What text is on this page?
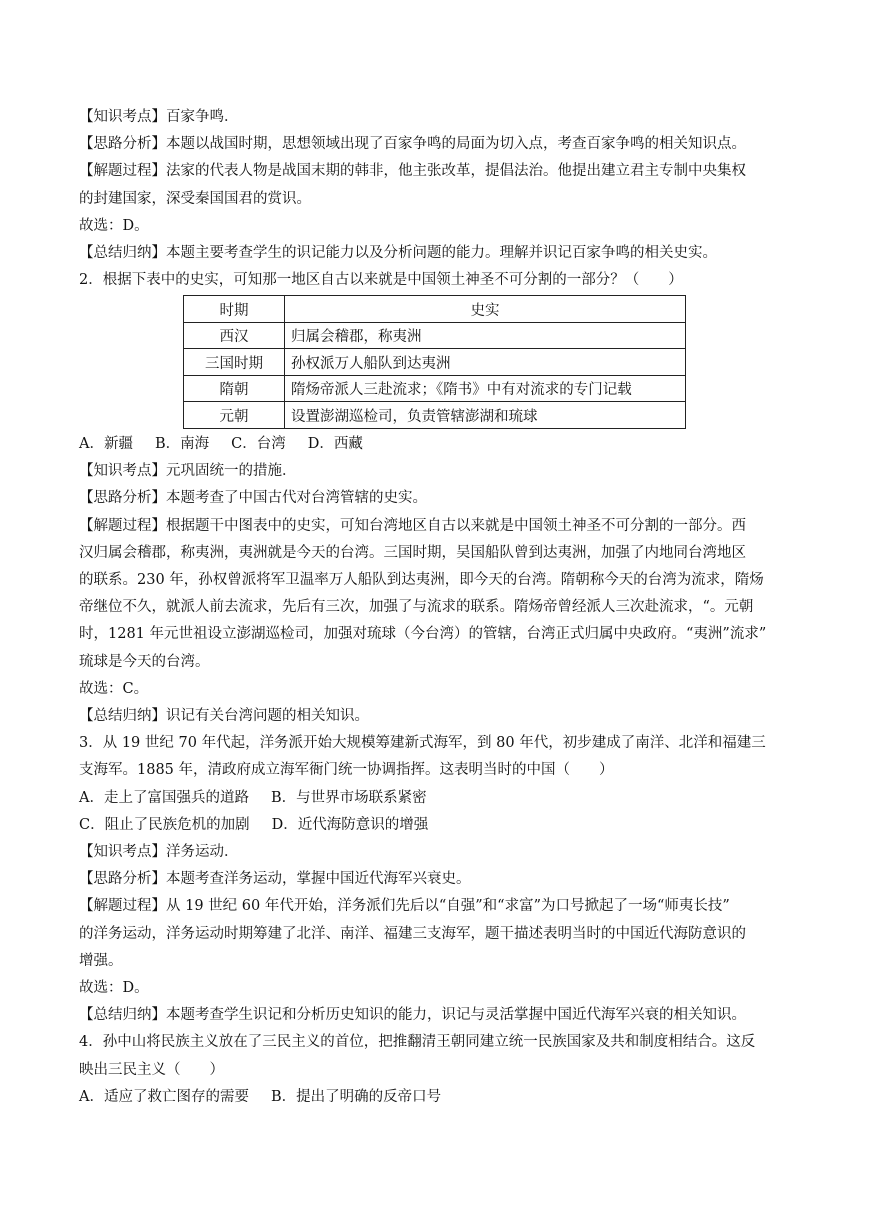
【知识考点】百家争鸣．

【思路分析】本题以战国时期，思想领域出现了百家争鸣的局面为切入点，考查百家争鸣的相关知识点。

【解题过程】法家的代表人物是战国末期的韩非，他主张改革，提倡法治。他提出建立君主专制中央集权

的封建国家，深受秦国国君的赏识。

故选：D。

【总结归纳】本题主要考查学生的识记能力以及分析问题的能力。理解并识记百家争鸣的相关史实。

2．根据下表中的史实，可知那一地区自古以来就是中国领土神圣不可分割的一部分？（　　）

时期	史实
西汉	归属会稽郡，称夷洲
三国时期	孙权派万人船队到达夷洲
隋朝	隋炀帝派人三赴流求；《隋书》中有对流求的专门记载
元朝	设置澎湖巡检司，负责管辖澎湖和琉球

A．新疆 B．南海 C．台湾 D．西藏

【知识考点】元巩固统一的措施．

【思路分析】本题考查了中国古代对台湾管辖的史实。

【解题过程】根据题干中图表中的史实，可知台湾地区自古以来就是中国领土神圣不可分割的一部分。西

汉归属会稽郡，称夷洲，夷洲就是今天的台湾。三国时期，吴国船队曾到达夷洲，加强了内地同台湾地区

的联系。230 年，孙权曾派将军卫温率万人船队到达夷洲，即今天的台湾。隋朝称今天的台湾为流求，隋炀

帝继位不久，就派人前去流求，先后有三次，加强了与流求的联系。隋炀帝曾经派人三次赴流求，“。元朝

时，1281 年元世祖设立澎湖巡检司，加强对琉球（今台湾）的管辖，台湾正式归属中央政府。“夷洲”流求”

琉球是今天的台湾。

故选：C。

【总结归纳】识记有关台湾问题的相关知识。

3．从 19 世纪 70 年代起，洋务派开始大规模筹建新式海军，到 80 年代，初步建成了南洋、北洋和福建三

支海军。1885 年，清政府成立海军衙门统一协调指挥。这表明当时的中国（　　）

A．走上了富国强兵的道路 B．与世界市场联系紧密

C．阻止了民族危机的加剧 D．近代海防意识的增强

【知识考点】洋务运动．

【思路分析】本题考查洋务运动，掌握中国近代海军兴衰史。

【解题过程】从 19 世纪 60 年代开始，洋务派们先后以“自强”和“求富”为口号掀起了一场“师夷长技”

的洋务运动，洋务运动时期筹建了北洋、南洋、福建三支海军，题干描述表明当时的中国近代海防意识的

增强。

故选：D。

【总结归纳】本题考查学生识记和分析历史知识的能力，识记与灵活掌握中国近代海军兴衰的相关知识。

4．孙中山将民族主义放在了三民主义的首位，把推翻清王朝同建立统一民族国家及共和制度相结合。这反

映出三民主义（　　）

A．适应了救亡图存的需要 B．提出了明确的反帝口号
